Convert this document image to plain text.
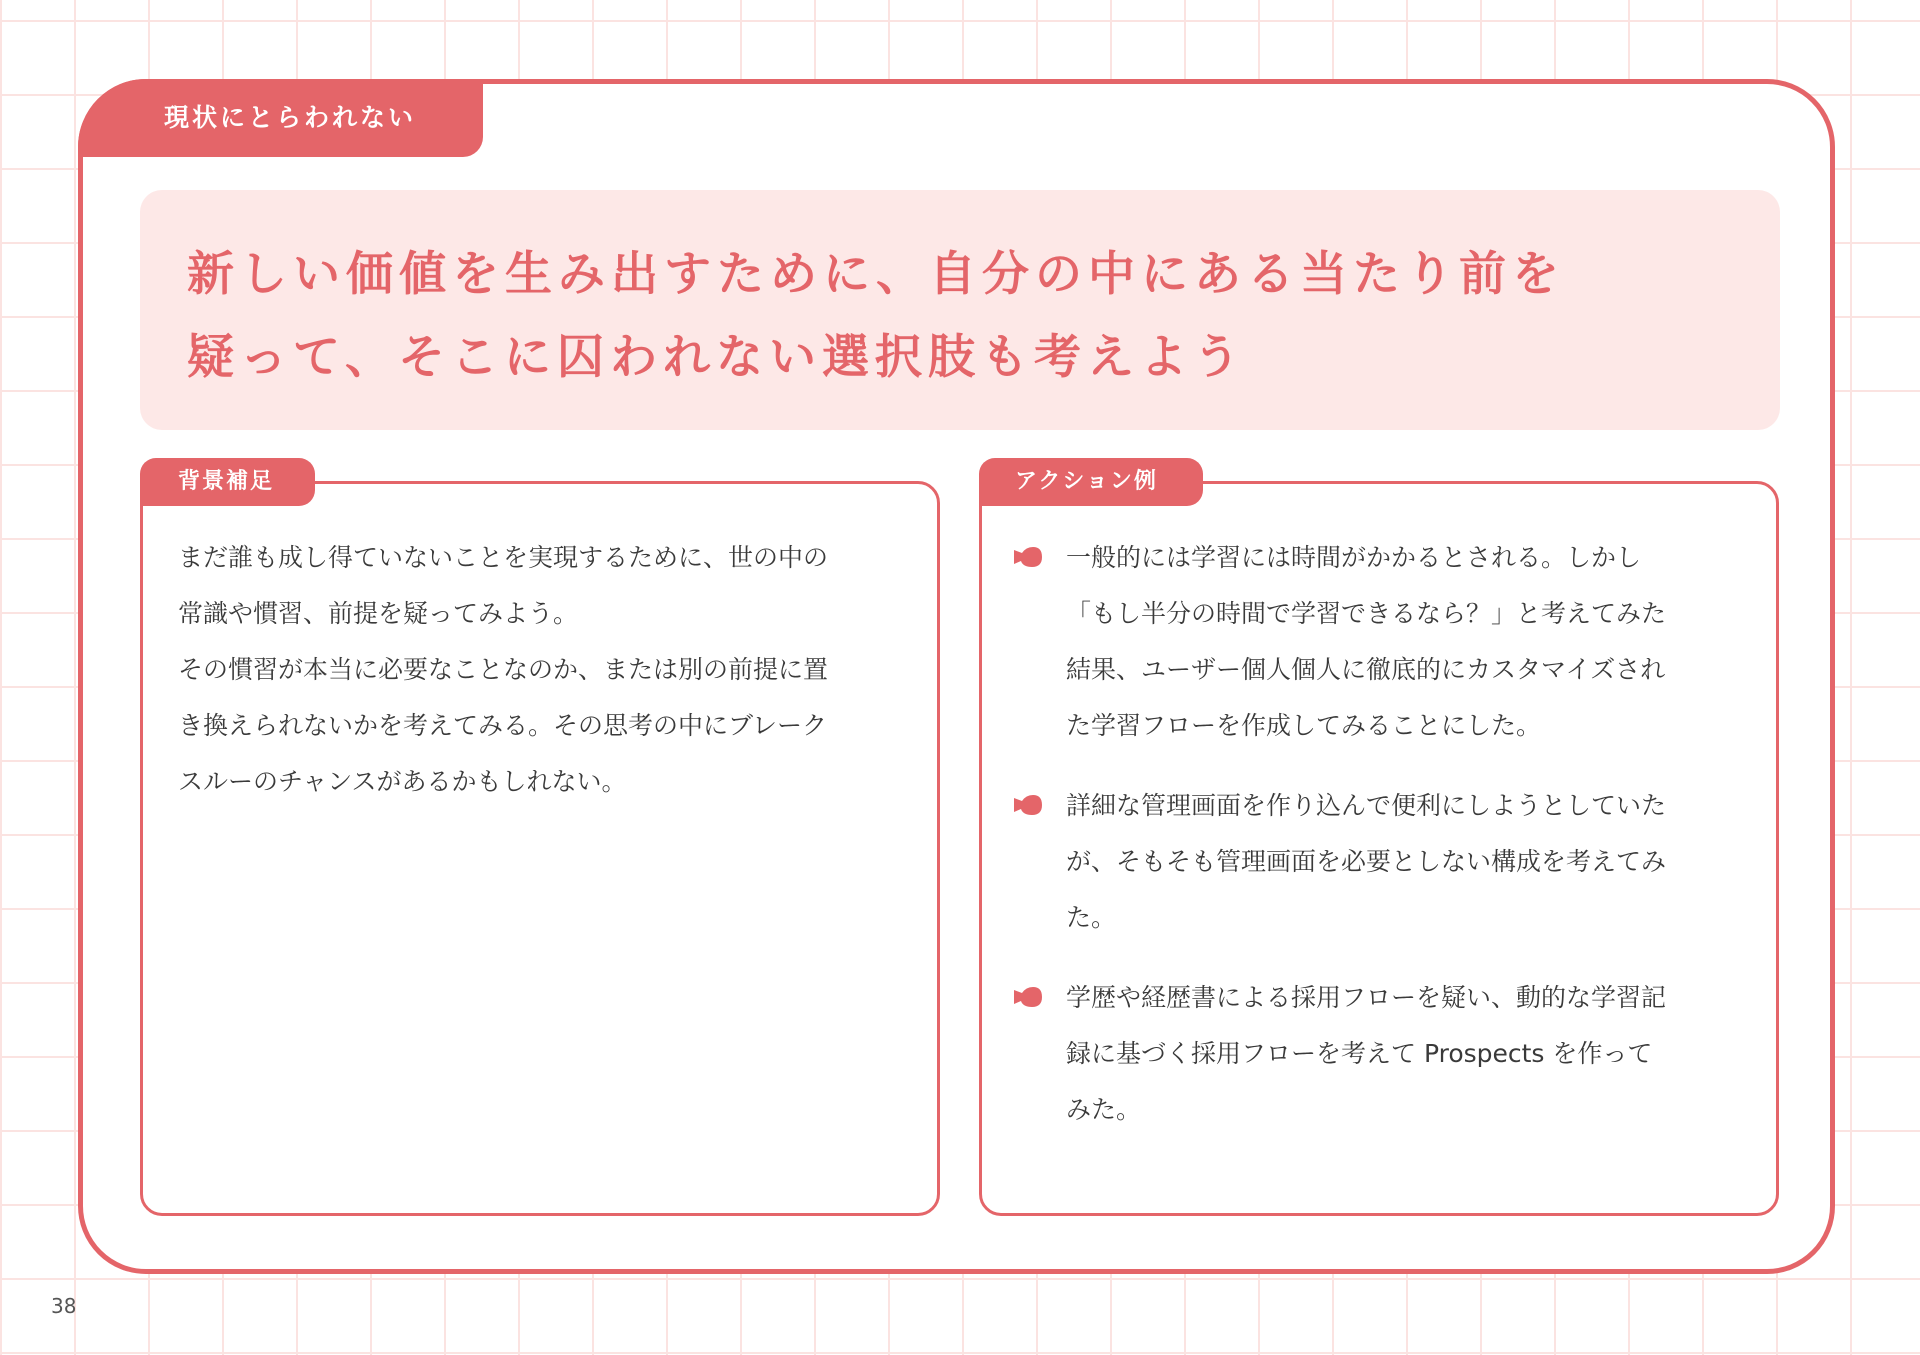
現状にとらわれない
新しい価値を生み出すために、自分の中にある当たり前を
疑って、そこに囚われない選択肢も考えよう
背景補足

まだ誰も成し得ていないことを実現するために、世の中の

常識や慣習、前提を疑ってみよう。

その慣習が本当に必要なことなのか、または別の前提に置

き換えられないかを考えてみる。その思考の中にブレーク

スルーのチャンスがあるかもしれない。

アクション例
一般的には学習には時間がかかるとされる。しかし
「もし半分の時間で学習できるなら？」と考えてみた
結果、ユーザー個人個人に徹底的にカスタマイズされ
た学習フローを作成してみることにした。
詳細な管理画面を作り込んで便利にしようとしていた
が、そもそも管理画面を必要としない構成を考えてみ
た。
学歴や経歴書による採用フローを疑い、動的な学習記
録に基づく採用フローを考えて Prospects を作って
みた。
38
